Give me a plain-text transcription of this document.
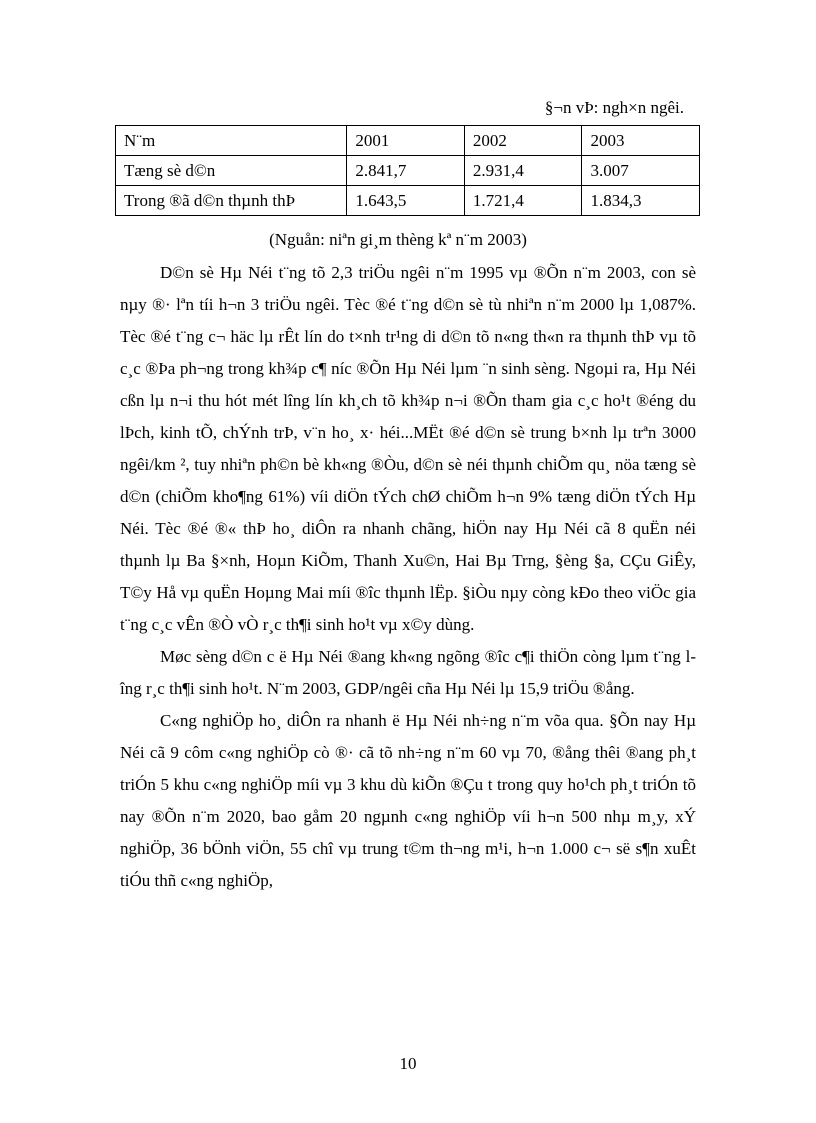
§¬n vÞ: ngh×n ngêi.
N¨m	2001	2002	2003
Tæng sè d©n	2.841,7	2.931,4	3.007
Trong ®ã d©n thµnh thÞ	1.643,5	1.721,4	1.834,3
(Nguån: niªn gi¸m thèng kª n¨m 2003)

D©n sè Hµ Néi t¨ng tõ 2,3 triÖu ngêi n¨m 1995 vµ ®Õn n¨m 2003, con sè nµy ®· lªn tíi h¬n 3 triÖu ngêi. Tèc ®é t¨ng d©n sè tù nhiªn n¨m 2000 lµ 1,087%. Tèc ®é t¨ng c¬ häc lµ rÊt lín do t×nh tr¹ng di d©n tõ n«ng th«n ra thµnh thÞ vµ tõ c¸c ®Þa ph¬ng trong kh¾p c¶ níc ®Õn Hµ Néi lµm ¨n sinh sèng. Ngoµi ra, Hµ Néi cßn lµ n¬i thu hót mét lîng lín kh¸ch tõ kh¾p n¬i ®Õn tham gia c¸c ho¹t ®éng du lÞch, kinh tÕ, chÝnh trÞ, v¨n ho¸ x· héi...MËt ®é d©n sè trung b×nh lµ trªn 3000 ngêi/km ², tuy nhiªn ph©n bè kh«ng ®Òu, d©n sè néi thµnh chiÕm qu¸ nöa tæng sè d©n (chiÕm kho¶ng 61%) víi diÖn tÝch chØ chiÕm h¬n 9% tæng diÖn tÝch Hµ Néi. Tèc ®é ®« thÞ ho¸ diÔn ra nhanh chãng, hiÖn nay Hµ Néi cã 8 quËn néi thµnh lµ Ba §×nh, Hoµn KiÕm, Thanh Xu©n, Hai Bµ Trng, §èng §a, CÇu GiÊy, T©y Hå vµ quËn Hoµng Mai míi ®îc thµnh lËp. §iÒu nµy còng kÐo theo viÖc gia t¨ng c¸c vÊn ®Ò vÒ r¸c th¶i sinh ho¹t vµ x©y dùng.

Møc sèng d©n c ë Hµ Néi ®ang kh«ng ngõng ®îc c¶i thiÖn còng lµm t¨ng lîng r¸c th¶i sinh ho¹t. N¨m 2003, GDP/ngêi cña Hµ Néi lµ 15,9 triÖu ®ång.

C«ng nghiÖp ho¸ diÔn ra nhanh ë Hµ Néi nh÷ng n¨m võa qua. §Õn nay Hµ Néi cã 9 côm c«ng nghiÖp cò ®· cã tõ nh÷ng n¨m 60 vµ 70, ®ång thêi ®ang ph¸t triÓn 5 khu c«ng nghiÖp míi vµ 3 khu dù kiÕn ®Çu t trong quy ho¹ch ph¸t triÓn tõ nay ®Õn n¨m 2020, bao gåm 20 ngµnh c«ng nghiÖp víi h¬n 500 nhµ m¸y, xÝ nghiÖp, 36 bÖnh viÖn, 55 chî vµ trung t©m th¬ng m¹i, h¬n 1.000 c¬ së s¶n xuÊt tiÓu thñ c«ng nghiÖp,

10
